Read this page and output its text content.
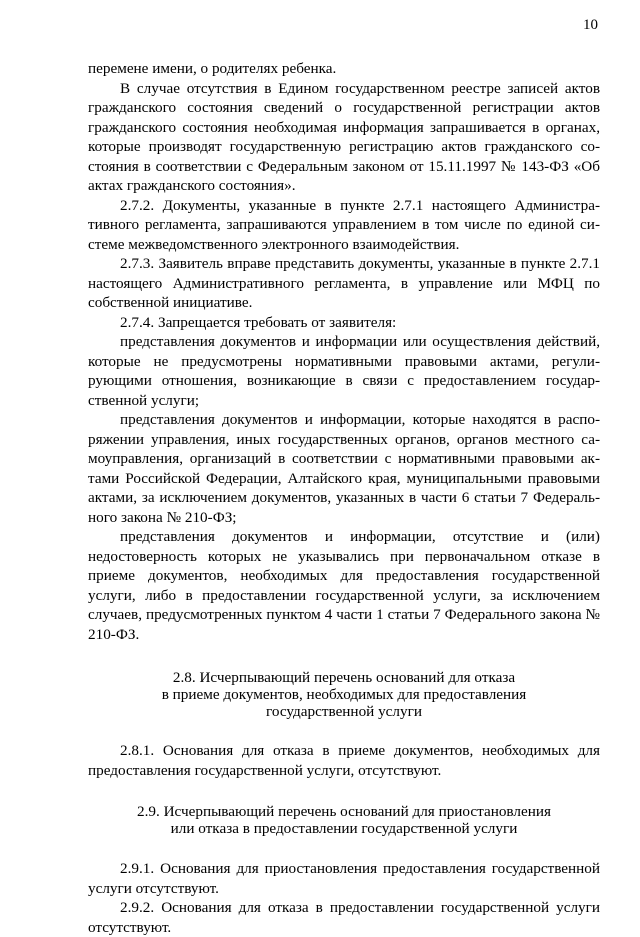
10

перемене имени, о родителях ребенка.

В случае отсутствия в Едином государственном реестре записей актов гражданского состояния сведений о государственной регистрации актов гражданского состояния необходимая информация запрашивается в органах, которые производят государственную регистрацию актов гражданского состояния в соответствии с Федеральным законом от 15.11.1997 № 143-ФЗ «Об актах гражданского состояния».

2.7.2. Документы, указанные в пункте 2.7.1 настоящего Административного регламента, запрашиваются управлением в том числе по единой системе межведомственного электронного взаимодействия.

2.7.3. Заявитель вправе представить документы, указанные в пункте 2.7.1 настоящего Административного регламента, в управление или МФЦ по собственной инициативе.

2.7.4. Запрещается требовать от заявителя:

представления документов и информации или осуществления действий, которые не предусмотрены нормативными правовыми актами, регулирующими отношения, возникающие в связи с предоставлением государственной услуги;

представления документов и информации, которые находятся в распоряжении управления, иных государственных органов, органов местного самоуправления, организаций в соответствии с нормативными правовыми актами Российской Федерации, Алтайского края, муниципальными правовыми актами, за исключением документов, указанных в части 6 статьи 7 Федерального закона № 210-ФЗ;

представления документов и информации, отсутствие и (или) недостоверность которых не указывались при первоначальном отказе в приеме документов, необходимых для предоставления государственной услуги, либо в предоставлении государственной услуги, за исключением случаев, предусмотренных пунктом 4 части 1 статьи 7 Федерального закона № 210-ФЗ.

2.8. Исчерпывающий перечень оснований для отказа

в приеме документов, необходимых для предоставления

государственной услуги

2.8.1. Основания для отказа в приеме документов, необходимых для предоставления государственной услуги, отсутствуют.

2.9. Исчерпывающий перечень оснований для приостановления

или отказа в предоставлении государственной услуги

2.9.1. Основания для приостановления предоставления государственной услуги отсутствуют.

2.9.2. Основания для отказа в предоставлении государственной услуги отсутствуют.
